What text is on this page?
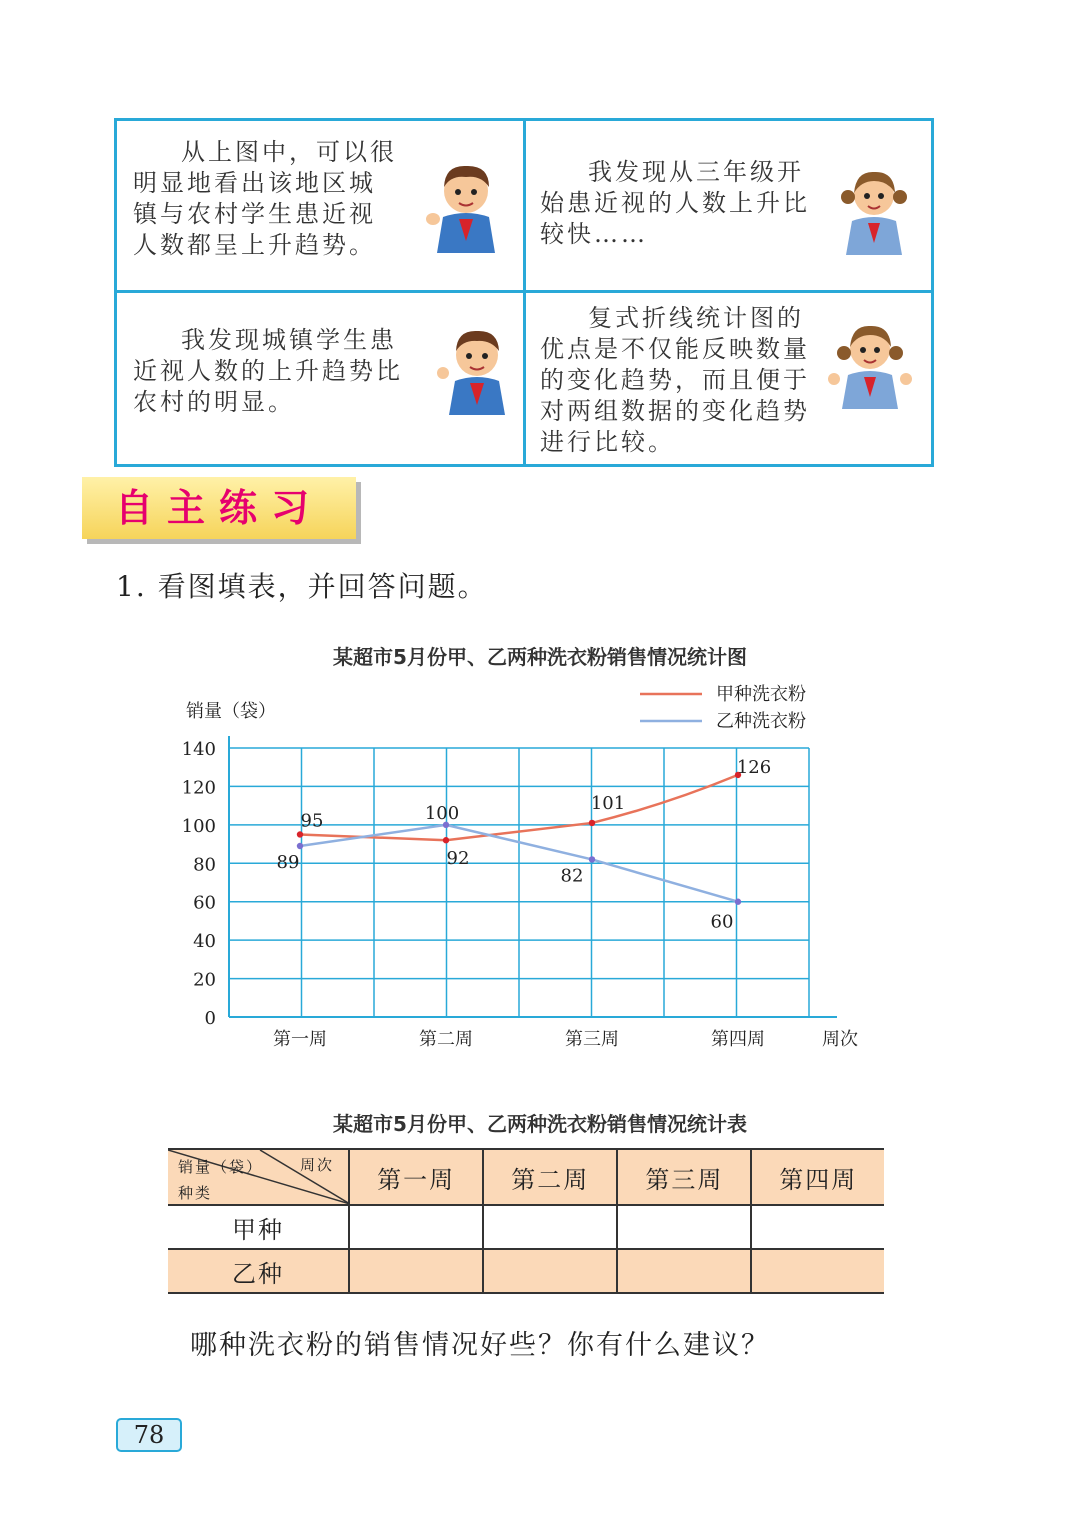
从上图中，可以很明显地看出该地区城镇与农村学生患近视人数都呈上升趋势。
我发现从三年级开始患近视的人数上升比较快……
我发现城镇学生患近视人数的上升趋势比农村的明显。
复式折线统计图的优点是不仅能反映数量的变化趋势，而且便于对两组数据的变化趋势进行比较。
自主练习
1. 看图填表，并回答问题。
某超市5月份甲、乙两种洗衣粉销售情况统计图
0
20
40
60
80
100
120
140
第一周	第二周	第三周	第四周	周次
销量（袋）
95
92
101
126
89
100
82
60
甲种洗衣粉
乙种洗衣粉
某超市5月份甲、乙两种洗衣粉销售情况统计表
销量（袋） 周次
种类	第一周	第二周	第三周	第四周
甲种				
乙种				
哪种洗衣粉的销售情况好些？你有什么建议？
78
